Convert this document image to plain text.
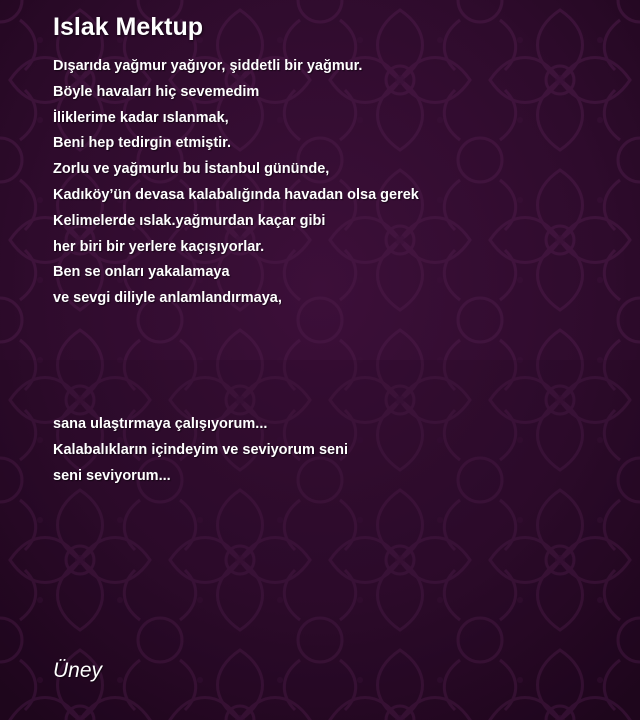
Islak Mektup
Dışarıda yağmur yağıyor, şiddetli bir yağmur.
Böyle havaları hiç sevemedim
İliklerime kadar ıslanmak,
Beni hep tedirgin etmiştir.
Zorlu ve yağmurlu bu İstanbul gününde,
Kadıköy’ün devasa kalabalığında havadan olsa gerek
Kelimelerde ıslak.yağmurdan kaçar gibi
her biri bir yerlere kaçışıyorlar.
Ben se onları yakalamaya
ve sevgi diliyle anlamlandırmaya,
sana ulaştırmaya çalışıyorum...
Kalabalıkların içindeyim ve seviyorum seni
seni seviyorum...

Üney
